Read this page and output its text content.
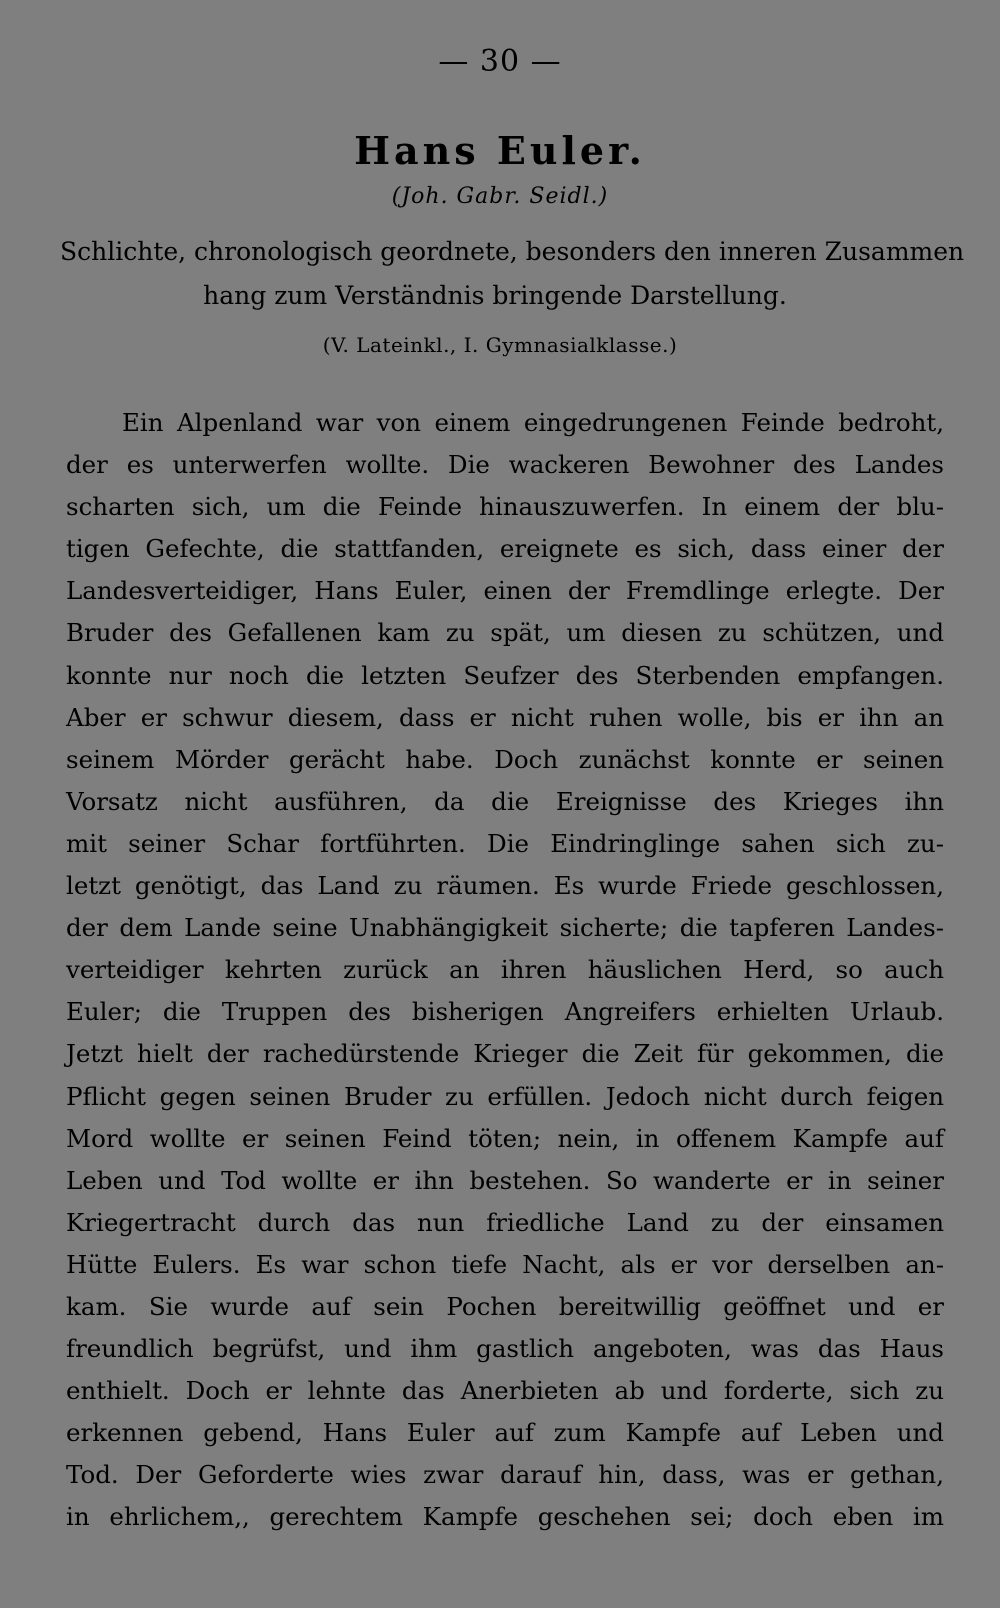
— 30 —
Hans Euler.
(Joh. Gabr. Seidl.)
Schlichte, chronologisch geordnete, besonders den inneren Zusammen
hang zum Verständnis bringende Darstellung.
(V. Lateinkl., I. Gymnasialklasse.)
Ein Alpenland war von einem eingedrungenen Feinde bedroht,
der es unterwerfen wollte. Die wackeren Bewohner des Landes
scharten sich, um die Feinde hinauszuwerfen. In einem der blu-
tigen Gefechte, die stattfanden, ereignete es sich, dass einer der
Landesverteidiger, Hans Euler, einen der Fremdlinge erlegte. Der
Bruder des Gefallenen kam zu spät, um diesen zu schützen, und
konnte nur noch die letzten Seufzer des Sterbenden empfangen.
Aber er schwur diesem, dass er nicht ruhen wolle, bis er ihn an
seinem Mörder gerächt habe. Doch zunächst konnte er seinen
Vorsatz nicht ausführen, da die Ereignisse des Krieges ihn
mit seiner Schar fortführten. Die Eindringlinge sahen sich zu-
letzt genötigt, das Land zu räumen. Es wurde Friede geschlossen,
der dem Lande seine Unabhängigkeit sicherte; die tapferen Landes-
verteidiger kehrten zurück an ihren häuslichen Herd, so auch
Euler; die Truppen des bisherigen Angreifers erhielten Urlaub.
Jetzt hielt der rachedürstende Krieger die Zeit für gekommen, die
Pflicht gegen seinen Bruder zu erfüllen. Jedoch nicht durch feigen
Mord wollte er seinen Feind töten; nein, in offenem Kampfe auf
Leben und Tod wollte er ihn bestehen. So wanderte er in seiner
Kriegertracht durch das nun friedliche Land zu der einsamen
Hütte Eulers. Es war schon tiefe Nacht, als er vor derselben an-
kam. Sie wurde auf sein Pochen bereitwillig geöffnet und er
freundlich begrüfst, und ihm gastlich angeboten, was das Haus
enthielt. Doch er lehnte das Anerbieten ab und forderte, sich zu
erkennen gebend, Hans Euler auf zum Kampfe auf Leben und
Tod. Der Geforderte wies zwar darauf hin, dass, was er gethan,
in ehrlichem,, gerechtem Kampfe geschehen sei; doch eben im
